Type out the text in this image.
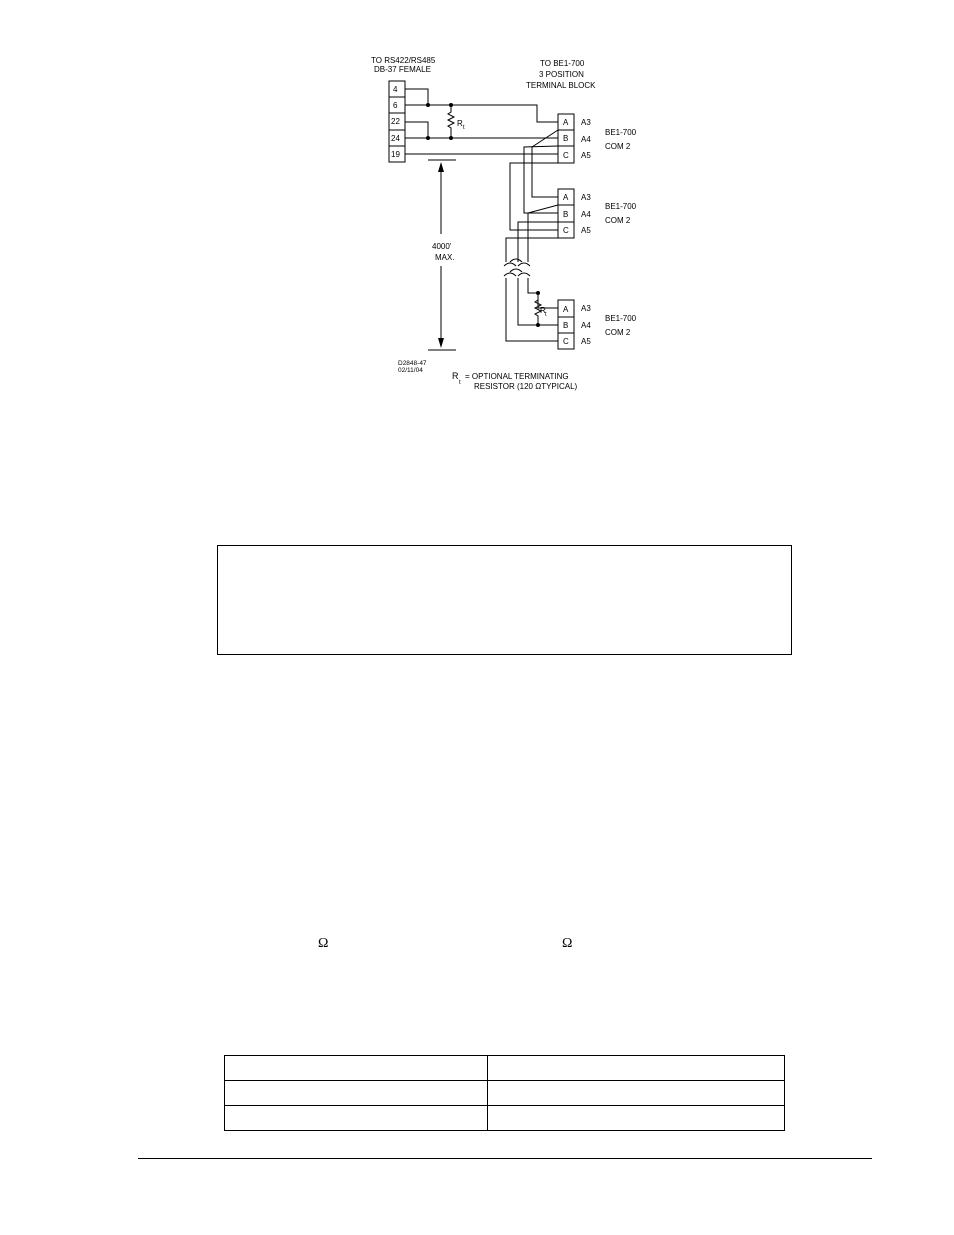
TO RS422/RS485
DB-37 FEMALE
TO BE1-700
3 POSITION
TERMINAL BLOCK
4
6
22
24
19
R t
4000'
MAX.
A
B
C
A3
A4
A5
BE1-700
COM 2
A
B
C
A3
A4
A5
BE1-700
COM 2
A
B
C
A3
A4
A5
BE1-700
COM 2
R t
D2848-47
02/11/04
R
t
= OPTIONAL TERMINATING
RESISTOR (120 ΩTYPICAL)
Ω	Ω
